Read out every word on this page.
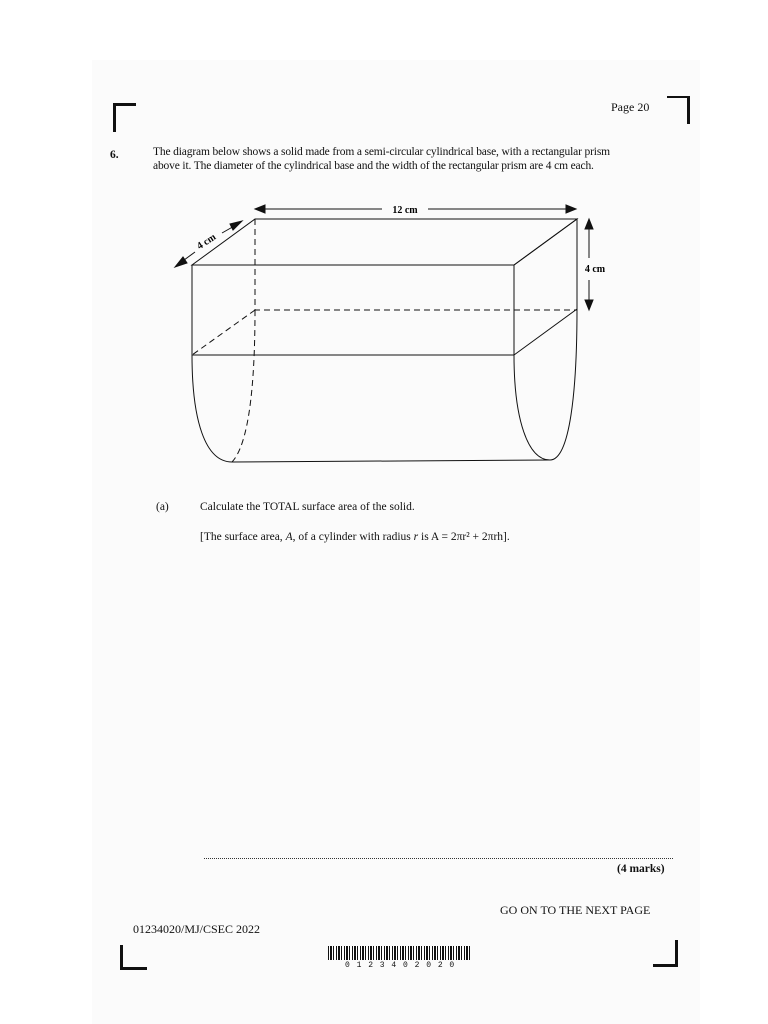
Page 20
6.	The diagram below shows a solid made from a semi-circular cylindrical base, with a rectangular prism
above it. The diameter of the cylindrical base and the width of the rectangular prism are 4 cm each.
12 cm
4 cm
4 cm
(a)	Calculate the TOTAL surface area of the solid.
[The surface area, A, of a cylinder with radius r is A = 2πr² + 2πrh].
(4 marks)
GO ON TO THE NEXT PAGE
01234020/MJ/CSEC 2022
0 1 2 3 4 0 2 0 2 0
